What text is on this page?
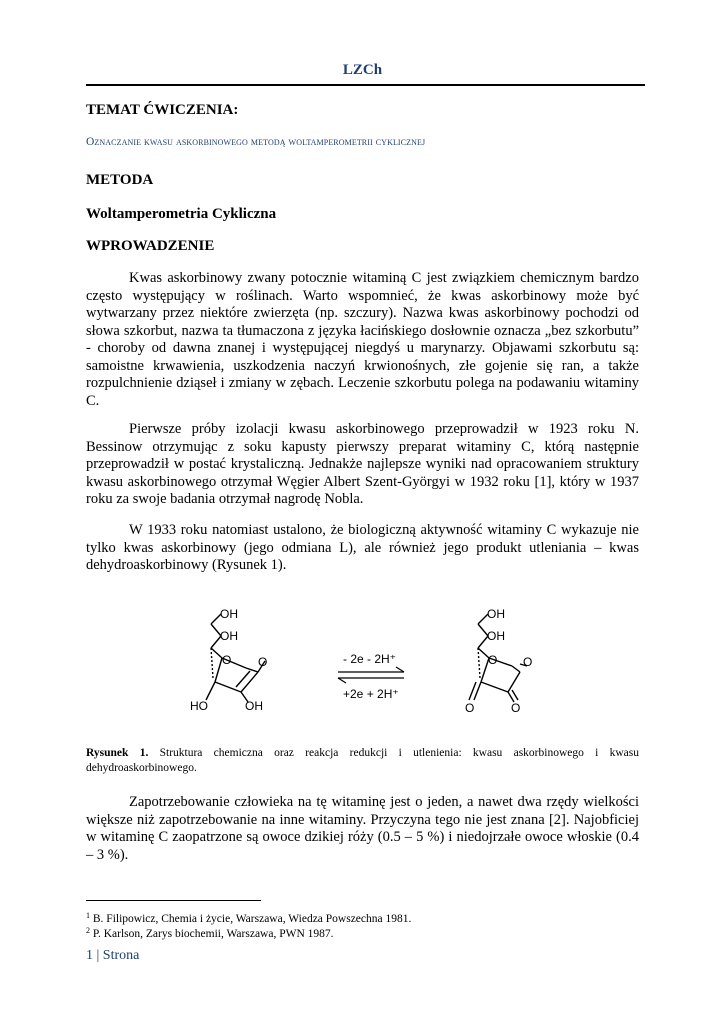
LZCh
TEMAT ĆWICZENIA:
Oznaczanie kwasu askorbinowego metodą woltamperometrii cyklicznej
METODA
Woltamperometria Cykliczna
WPROWADZENIE
Kwas askorbinowy zwany potocznie witaminą C jest związkiem chemicznym bardzo często występujący w roślinach. Warto wspomnieć, że kwas askorbinowy może być wytwarzany przez niektóre zwierzęta (np. szczury). Nazwa kwas askorbinowy pochodzi od słowa szkorbut, nazwa ta tłumaczona z języka łacińskiego dosłownie oznacza „bez szkorbutu” - choroby od dawna znanej i występującej niegdyś u marynarzy. Objawami szkorbutu są: samoistne krwawienia, uszkodzenia naczyń krwionośnych, złe gojenie się ran, a także rozpulchnienie dziąseł i zmiany w zębach. Leczenie szkorbutu polega na podawaniu witaminy C.
Pierwsze próby izolacji kwasu askorbinowego przeprowadził w 1923 roku N. Bessinow otrzymując z soku kapusty pierwszy preparat witaminy C, którą następnie przeprowadził w postać krystaliczną. Jednakże najlepsze wyniki nad opracowaniem struktury kwasu askorbinowego otrzymał Węgier Albert Szent-Györgyi w 1932 roku [1], który w 1937 roku za swoje badania otrzymał nagrodę Nobla.
W 1933 roku natomiast ustalono, że biologiczną aktywność witaminy C wykazuje nie tylko kwas askorbinowy (jego odmiana L), ale również jego produkt utleniania – kwas dehydroaskorbinowy (Rysunek 1).
OH
OH
O O
HO	OH
- 2e - 2H⁺
+2e + 2H⁺
OH
OH
O O
O	O
Rysunek 1. Struktura chemiczna oraz reakcja redukcji i utlenienia: kwasu askorbinowego i kwasu dehydroaskorbinowego.
Zapotrzebowanie człowieka na tę witaminę jest o jeden, a nawet dwa rzędy wielkości większe niż zapotrzebowanie na inne witaminy. Przyczyna tego nie jest znana [2]. Najobficiej w witaminę C zaopatrzone są owoce dzikiej róży (0.5 – 5 %) i niedojrzałe owoce włoskie (0.4 – 3 %).
$^1$ B. Filipowicz, Chemia i życie, Warszawa, Wiedza Powszechna 1981.
$^2$ P. Karlson, Zarys biochemii, Warszawa, PWN 1987.
1 | Strona
